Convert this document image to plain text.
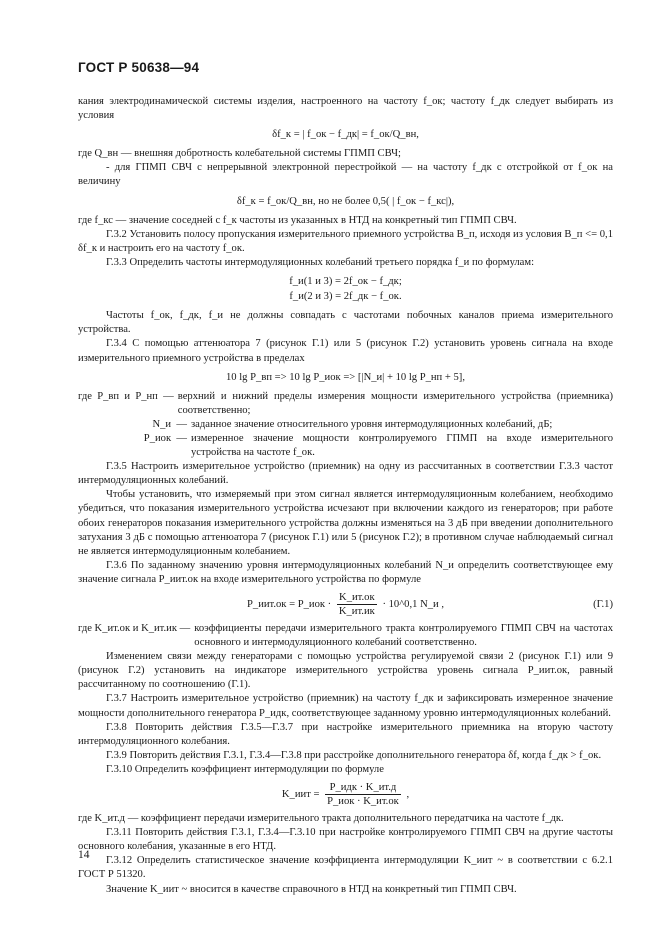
ГОСТ Р 50638—94

кания электродинамической системы изделия, настроенного на частоту f_ок; частоту f_дк следует выбирать из условия

δf_к = | f_ок − f_дк| = f_ок/Q_вн,

где Q_вн — внешняя добротность колебательной системы ГПМП СВЧ;

- для ГПМП СВЧ с непрерывной электронной перестройкой — на частоту f_дк с отстройкой от f_ок на величину

δf_к = f_ок/Q_вн, но не более 0,5( | f_ок − f_кс|),

где f_кс — значение соседней с f_к частоты из указанных в НТД на конкретный тип ГПМП СВЧ.

Г.3.2 Установить полосу пропускания измерительного приемного устройства B_п, исходя из условия B_п <= 0,1 δf_к и настроить его на частоту f_ок.

Г.3.3 Определить частоты интермодуляционных колебаний третьего порядка f_и по формулам:

f_и(1 и 3) = 2f_ок − f_дк;

f_и(2 и 3) = 2f_дк − f_ок.

Частоты f_ок, f_дк, f_и не должны совпадать с частотами побочных каналов приема измерительного устройства.

Г.3.4 С помощью аттенюатора 7 (рисунок Г.1) или 5 (рисунок Г.2) установить уровень сигнала на входе измерительного приемного устройства в пределах

10 lg P_вп => 10 lg P_иок => [|N_и| + 10 lg P_нп + 5],

где  P_вп  и  P_нп  — верхний и нижний пределы измерения мощности измерительного устройства (приемника) соответственно;
N_и  — заданное значение относительного уровня интермодуляционных колебаний, дБ;
P_иок  — измеренное значение мощности контролируемого ГПМП на входе измерительного устройства на частоте f_ок.

Г.3.5 Настроить измерительное устройство (приемник) на одну из рассчитанных в соответствии Г.3.3 частот интермодуляционных колебаний.

Чтобы установить, что измеряемый при этом сигнал является интермодуляционным колебанием, необходимо убедиться, что показания измерительного устройства исчезают при включении каждого из генераторов; при работе обоих генераторов показания измерительного устройства должны изменяться на 3 дБ при введении дополнительного затухания 3 дБ с помощью аттенюатора 7 (рисунок Г.1) или 5 (рисунок Г.2); в противном случае наблюдаемый сигнал не является интермодуляционным колебанием.

Г.3.6 По заданному значению уровня интермодуляционных колебаний N_и определить соответствующее ему значение сигнала P_иит.ок на входе измерительного устройства по формуле

P_иит.ок = P_иок · $\frac{K\_ит.ок}{K\_ит.ик}$ · 10^0,1 N_и ,	(Г.1)
где K_ит.ок и K_ит.ик — коэффициенты передачи измерительного тракта контролируемого ГПМП СВЧ на частотах основного и интермодуляционного колебаний соответственно.

Изменением связи между генераторами с помощью устройства регулируемой связи 2 (рисунок Г.1) или 9 (рисунок Г.2) установить на индикаторе измерительного устройства уровень сигнала P_иит.ок, равный рассчитанному по соотношению (Г.1).

Г.3.7 Настроить измерительное устройство (приемник) на частоту f_дк и зафиксировать измеренное значение мощности дополнительного генератора P_идк, соответствующее заданному уровню интермодуляционных колебаний.

Г.3.8 Повторить действия Г.3.5—Г.3.7 при настройке измерительного приемника на вторую частоту интермодуляционного колебания.

Г.3.9 Повторить действия Г.3.1, Г.3.4—Г.3.8 при расстройке дополнительного генератора δf, когда f_дк > f_ок.

Г.3.10 Определить коэффициент интермодуляции по формуле

K_иит = $\frac{\text{P\_идк · K\_ит.д}}{\text{P\_иок · K\_ит.ок}}$ ,

где K_ит.д — коэффициент передачи измерительного тракта дополнительного передатчика на частоте f_дк.

Г.3.11 Повторить действия Г.3.1, Г.3.4—Г.3.10 при настройке контролируемого ГПМП СВЧ на другие частоты основного колебания, указанные в его НТД.

Г.3.12 Определить статистическое значение коэффициента интермодуляции K_иит ~ в соответствии с 6.2.1 ГОСТ Р 51320.

Значение K_иит ~ вносится в качестве справочного в НТД на конкретный тип ГПМП СВЧ.

14
